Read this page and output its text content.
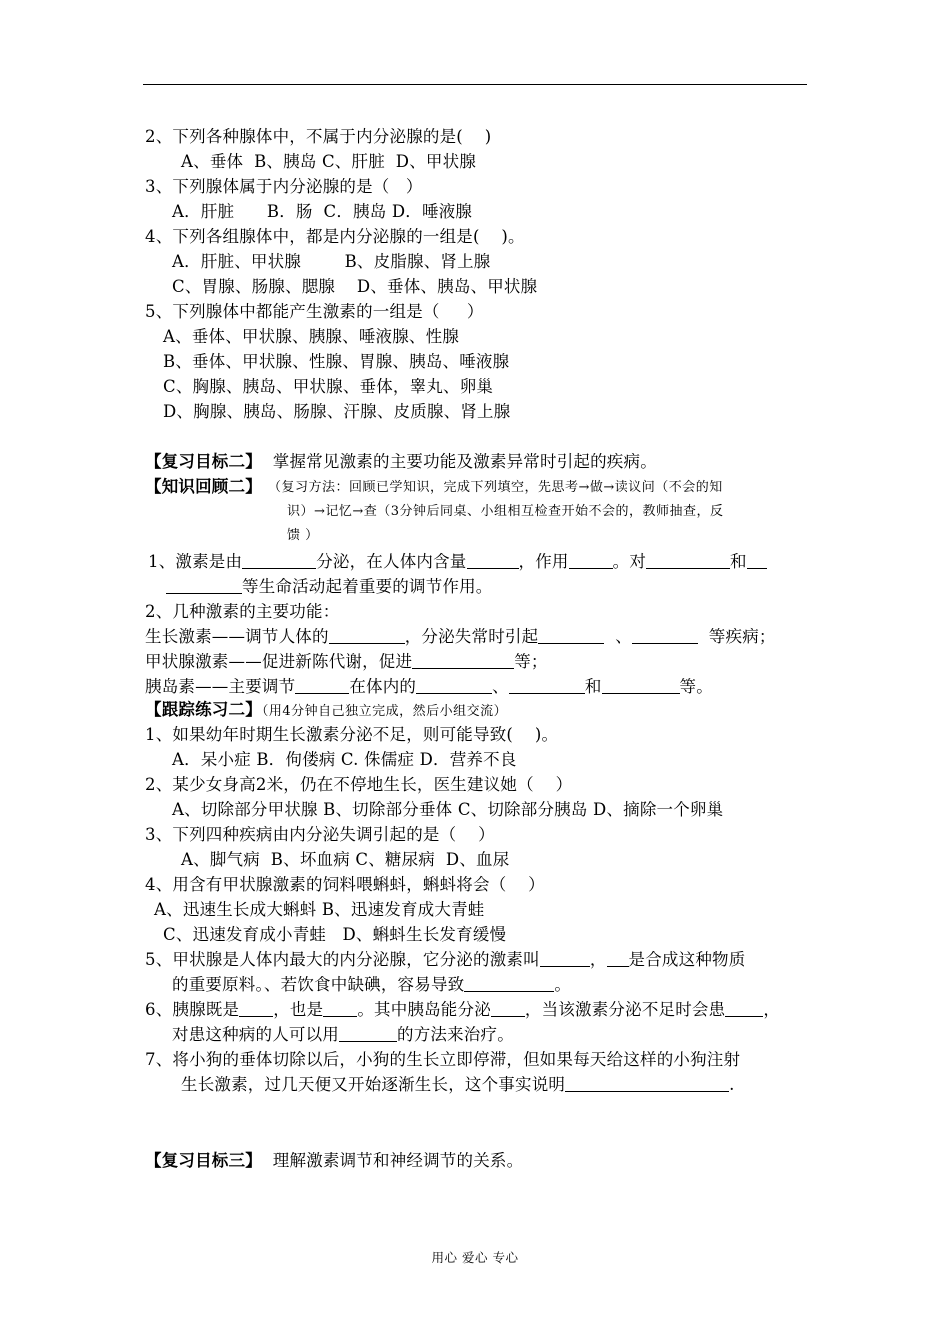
2、下列各种腺体中，不属于内分泌腺的是(    )
A、垂体  B、胰岛 C、肝脏  D、甲状腺
3、下列腺体属于内分泌腺的是（   ）
A．肝脏      B．肠  C．胰岛 D．唾液腺
4、下列各组腺体中，都是内分泌腺的一组是(    )。
A．肝脏、甲状腺        B、皮脂腺、肾上腺
C、胃腺、肠腺、腮腺    D、垂体、胰岛、甲状腺
5、下列腺体中都能产生激素的一组是（     ）
A、垂体、甲状腺、胰腺、唾液腺、性腺
B、垂体、甲状腺、性腺、胃腺、胰岛、唾液腺
C、胸腺、胰岛、甲状腺、垂体，睾丸、卵巢
D、胸腺、胰岛、肠腺、汗腺、皮质腺、肾上腺
【复习目标二】  掌握常见激素的主要功能及激素异常时引起的疾病。
【知识回顾二】 （复习方法：回顾已学知识，完成下列填空，先思考→做→读议问（不会的知
识）→记忆→查（3分钟后同桌、小组相互检查开始不会的，教师抽查，反
馈 ）
1、激素是由	分泌，在人体内含量	，作用	。对	和
等生命活动起着重要的调节作用。
2、几种激素的主要功能：
生长激素——调节人体的	，分泌失常时引起	、	等疾病；
甲状腺激素——促进新陈代谢，促进	等；
胰岛素——主要调节	在体内的	、	和	等。
【跟踪练习二】（用4分钟自己独立完成，然后小组交流）
1、如果幼年时期生长激素分泌不足，则可能导致(    )。
A．呆小症 B．佝偻病 C. 侏儒症 D．营养不良
2、某少女身高2米，仍在不停地生长，医生建议她（    ）
A、切除部分甲状腺 B、切除部分垂体 C、切除部分胰岛 D、摘除一个卵巢
3、下列四种疾病由内分泌失调引起的是（    ）
A、脚气病  B、坏血病 C、糖尿病  D、血尿
4、用含有甲状腺激素的饲料喂蝌蚪，蝌蚪将会（    ）
A、迅速生长成大蝌蚪 B、迅速发育成大青蛙
C、迅速发育成小青蛙   D、蝌蚪生长发育缓慢
5、甲状腺是人体内最大的内分泌腺，它分泌的激素叫	， 是合成这种物质
的重要原料。、若饮食中缺碘，容易导致	。
6、胰腺既是 ，也是 。其中胰岛能分泌 ，当该激素分泌不足时会患 ，
对患这种病的人可以用	的方法来治疗。
7、将小狗的垂体切除以后，小狗的生长立即停滞，但如果每天给这样的小狗注射
生长激素，过几天便又开始逐渐生长，这个事实说明	.
【复习目标三】  理解激素调节和神经调节的关系。
用心 爱心 专心
